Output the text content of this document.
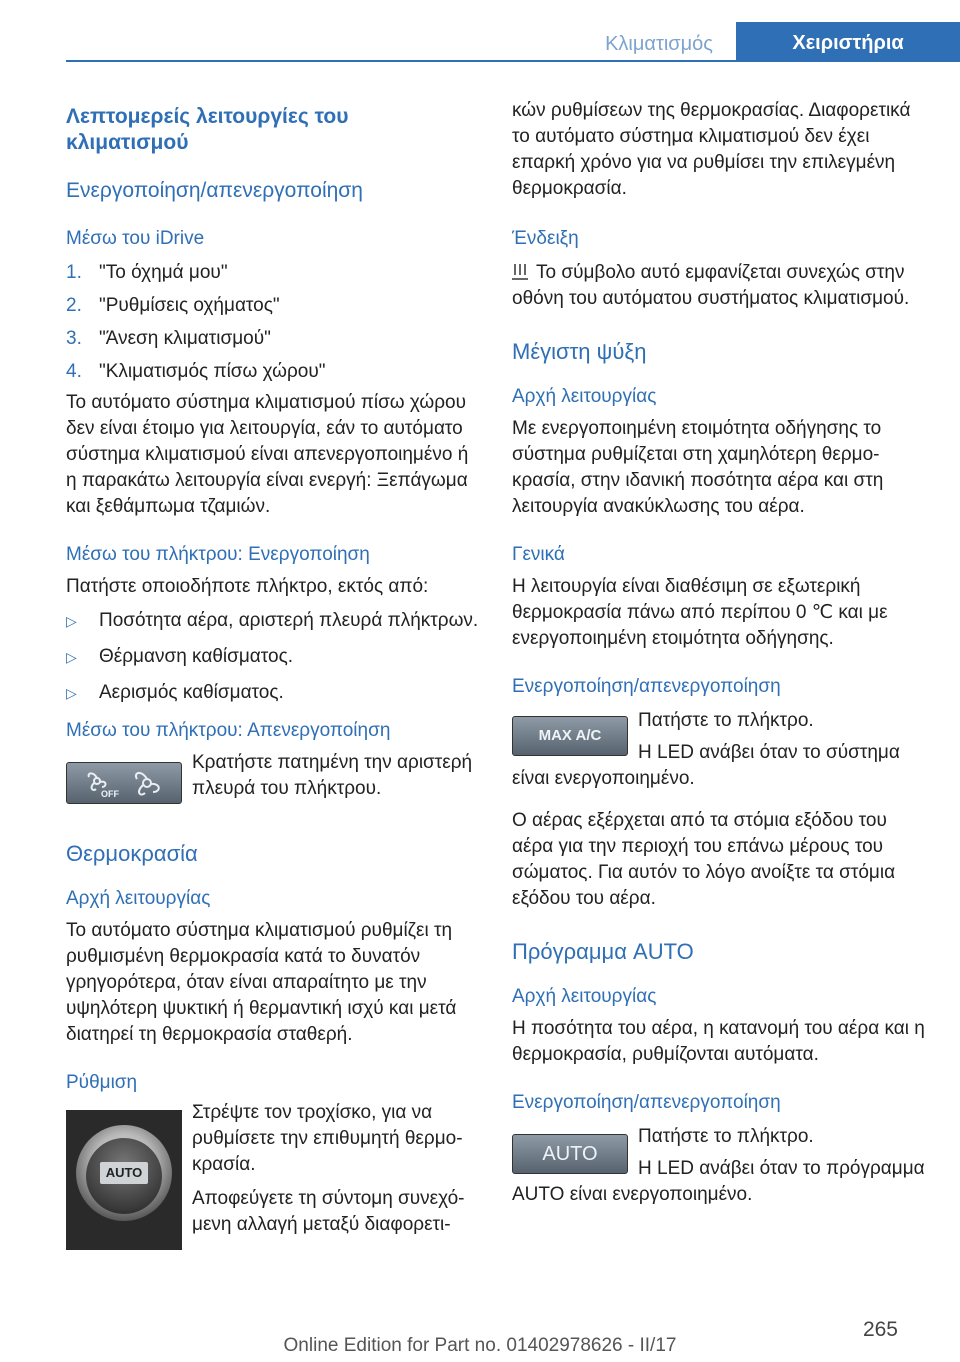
Κλιματισμός	Χειριστήρια
Λεπτομερείς λειτουργίες του κλιματισμού
Ενεργοποίηση/απενεργοποίηση
Μέσω του iDrive
1. "Το όχημά μου"
2. "Ρυθμίσεις οχήματος"
3. "Άνεση κλιματισμού"
4. "Κλιματισμός πίσω χώρου"

Το αυτόματο σύστημα κλιματισμού πίσω χώρου δεν είναι έτοιμο για λειτουργία, εάν το αυτόματο σύστημα κλιματισμού είναι απενεργοποιημένο ή η παρακάτω λειτουργία είναι ενεργή: Ξεπάγωμα και ξεθάμπωμα τζαμιών.

Μέσω του πλήκτρου: Ενεργοποίηση

Πατήστε οποιοδήποτε πλήκτρο, εκτός από:

▷ Ποσότητα αέρα, αριστερή πλευρά πλήκτρων.
▷ Θέρμανση καθίσματος.
▷ Αερισμός καθίσματος.
Μέσω του πλήκτρου: Απενεργοποίηση
OFF

Κρατήστε πατημένη την αριστερή πλευρά του πλήκτρου.

Θερμοκρασία
Αρχή λειτουργίας

Το αυτόματο σύστημα κλιματισμού ρυθμίζει τη ρυθμισμένη θερμοκρασία κατά το δυνατόν γρηγορότερα, όταν είναι απαραίτητο με την υψηλότερη ψυκτική ή θερμαντική ισχύ και μετά διατηρεί τη θερμοκρασία σταθερή.

Ρύθμιση
AUTO

Στρέψτε τον τροχίσκο, για να ρυθμίσετε την επιθυμητή θερμοκρασία.

Αποφεύγετε τη σύντομη συνεχόμενη αλλαγή μεταξύ διαφορετι-

κών ρυθμίσεων της θερμοκρασίας. Διαφορετικά το αυτόματο σύστημα κλιματισμού δεν έχει επαρκή χρόνο για να ρυθμίσει την επιλεγμένη θερμοκρασία.

Ένδειξη

Το σύμβολο αυτό εμφανίζεται συνεχώς στην οθόνη του αυτόματου συστήματος κλιματισμού.

Μέγιστη ψύξη
Αρχή λειτουργίας

Με ενεργοποιημένη ετοιμότητα οδήγησης το σύστημα ρυθμίζεται στη χαμηλότερη θερμοκρασία, στην ιδανική ποσότητα αέρα και στη λειτουργία ανακύκλωσης του αέρα.

Γενικά

Η λειτουργία είναι διαθέσιμη σε εξωτερική θερμοκρασία πάνω από περίπου 0 ℃ και με ενεργοποιημένη ετοιμότητα οδήγησης.

Ενεργοποίηση/απενεργοποίηση
MAX A/C

Πατήστε το πλήκτρο.

Η LED ανάβει όταν το σύστημα είναι ενεργοποιημένο.

Ο αέρας εξέρχεται από τα στόμια εξόδου του αέρα για την περιοχή του επάνω μέρους του σώματος. Για αυτόν το λόγο ανοίξτε τα στόμια εξόδου του αέρα.

Πρόγραμμα AUTO
Αρχή λειτουργίας

Η ποσότητα του αέρα, η κατανομή του αέρα και η θερμοκρασία, ρυθμίζονται αυτόματα.

Ενεργοποίηση/απενεργοποίηση
AUTO

Πατήστε το πλήκτρο.

Η LED ανάβει όταν το πρόγραμμα AUTO είναι ενεργοποιημένο.

265
Online Edition for Part no. 01402978626 - II/17
